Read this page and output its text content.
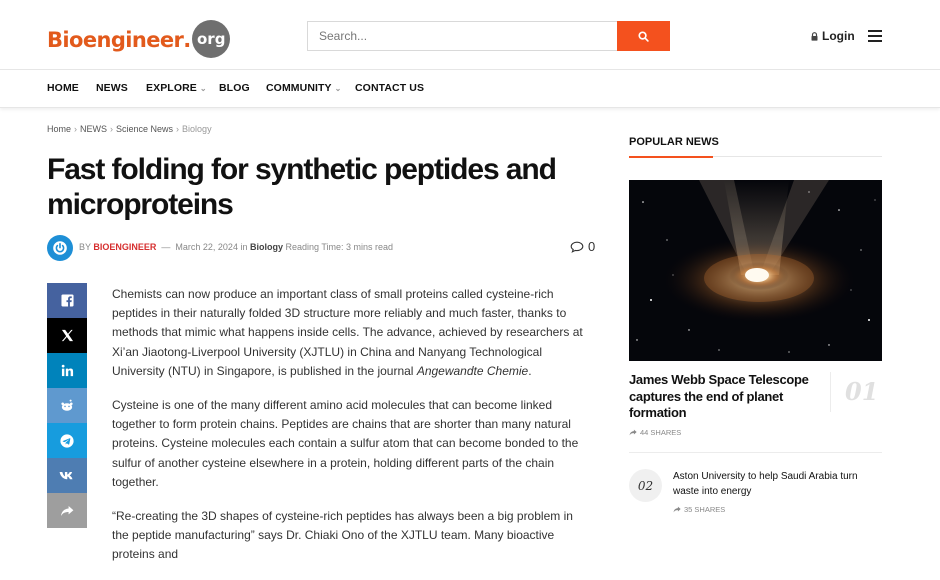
Bioengineer . org
Search...	Login
HOME NEWS EXPLORE ⌄ BLOG COMMUNITY ⌄ CONTACT US
Home › NEWS › Science News › Biology
Fast folding for synthetic peptides and microproteins
BY BIOENGINEER — March 22, 2024 in Biology Reading Time: 3 mins read	0

Chemists can now produce an important class of small proteins called cysteine-rich peptides in their naturally folded 3D structure more reliably and much faster, thanks to methods that mimic what happens inside cells. The advance, achieved by researchers at Xi’an Jiaotong-Liverpool University (XJTLU) in China and Nanyang Technological University (NTU) in Singapore, is published in the journal Angewandte Chemie.

Cysteine is one of the many different amino acid molecules that can become linked together to form protein chains. Peptides are chains that are shorter than many natural proteins. Cysteine molecules each contain a sulfur atom that can become bonded to the sulfur of another cysteine elsewhere in a protein, holding different parts of the chain together.

“Re-creating the 3D shapes of cysteine-rich peptides has always been a big problem in the peptide manufacturing” says Dr. Chiaki Ono of the XJTLU team. Many bioactive proteins and

POPULAR NEWS
James Webb Space Telescope captures the end of planet formation
01
44 SHARES
02
Aston University to help Saudi Arabia turn waste into energy
35 SHARES
